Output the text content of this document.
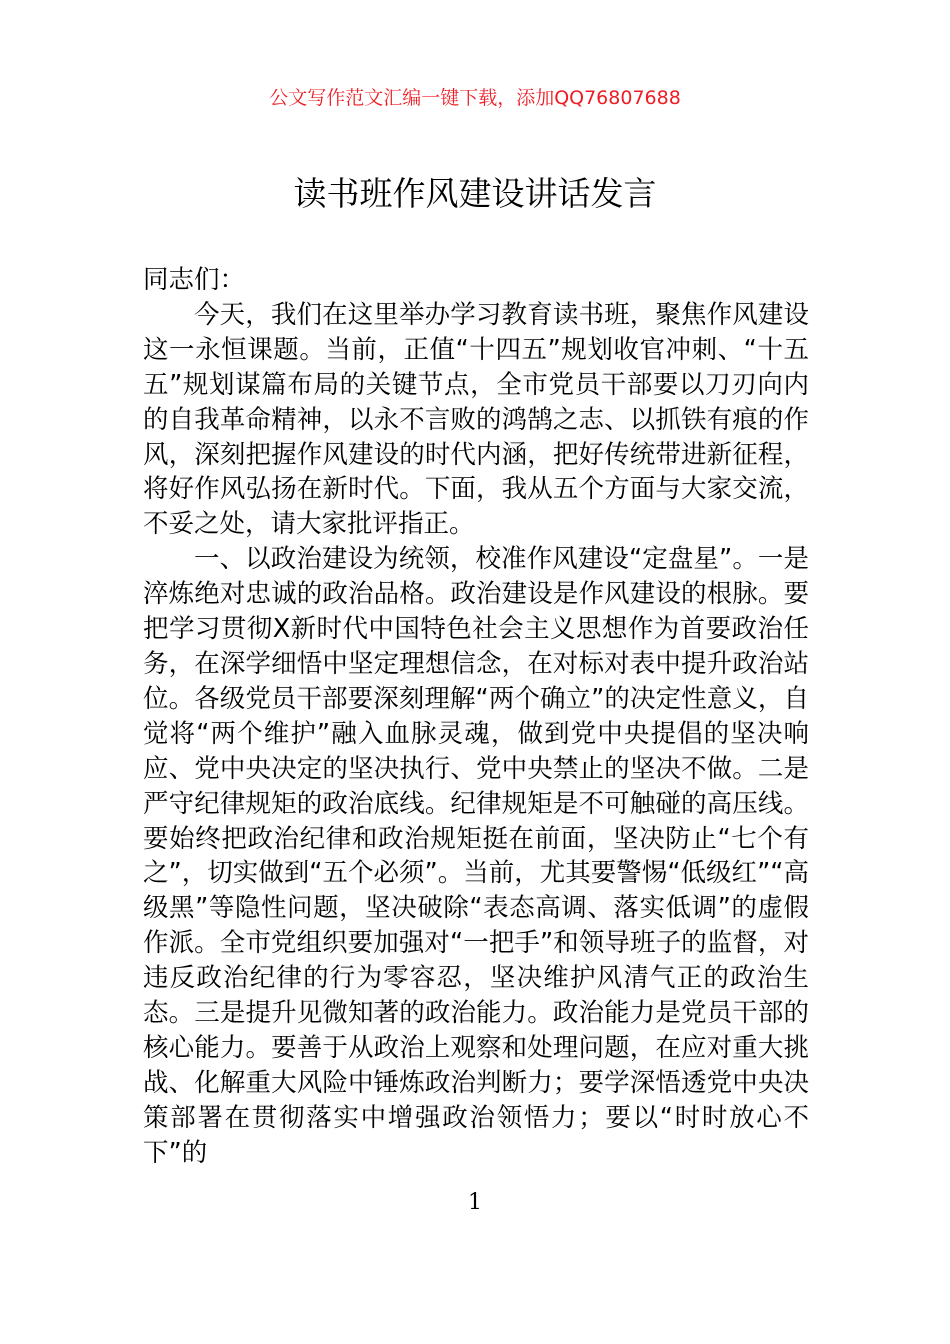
公文写作范文汇编一键下载，添加QQ76807688
读书班作风建设讲话发言

同志们：

今天，我们在这里举办学习教育读书班，聚焦作风建设这一永恒课题。当前，正值“十四五”规划收官冲刺、“十五五”规划谋篇布局的关键节点，全市党员干部要以刀刃向内的自我革命精神，以永不言败的鸿鹄之志、以抓铁有痕的作风，深刻把握作风建设的时代内涵，把好传统带进新征程，将好作风弘扬在新时代。下面，我从五个方面与大家交流，不妥之处，请大家批评指正。

一、以政治建设为统领，校准作风建设“定盘星”。一是淬炼绝对忠诚的政治品格。政治建设是作风建设的根脉。要把学习贯彻X新时代中国特色社会主义思想作为首要政治任务，在深学细悟中坚定理想信念，在对标对表中提升政治站位。各级党员干部要深刻理解“两个确立”的决定性意义，自觉将“两个维护”融入血脉灵魂，做到党中央提倡的坚决响应、党中央决定的坚决执行、党中央禁止的坚决不做。二是严守纪律规矩的政治底线。纪律规矩是不可触碰的高压线。要始终把政治纪律和政治规矩挺在前面，坚决防止“七个有之”，切实做到“五个必须”。当前，尤其要警惕“低级红”“高级黑”等隐性问题，坚决破除“表态高调、落实低调”的虚假作派。全市党组织要加强对“一把手”和领导班子的监督，对违反政治纪律的行为零容忍，坚决维护风清气正的政治生态。三是提升见微知著的政治能力。政治能力是党员干部的核心能力。要善于从政治上观察和处理问题，在应对重大挑战、化解重大风险中锤炼政治判断力；要学深悟透党中央决策部署在贯彻落实中增强政治领悟力；要以“时时放心不下”的

1
